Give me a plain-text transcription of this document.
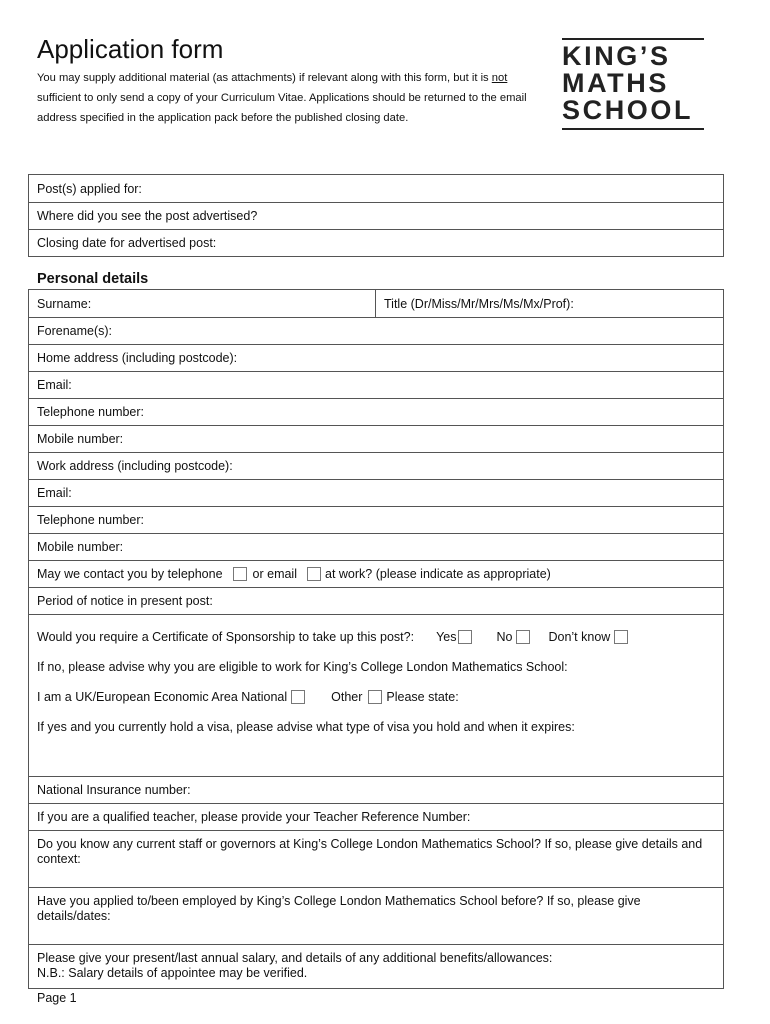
Application form

You may supply additional material (as attachments) if relevant along with this form, but it is not sufficient to only send a copy of your Curriculum Vitae. Applications should be returned to the email address specified in the application pack before the published closing date.

KING’S
MATHS
SCHOOL
Post(s) applied for:
Where did you see the post advertised?
Closing date for advertised post:
Personal details
Surname:	Title (Dr/Miss/Mr/Mrs/Ms/Mx/Prof):
Forename(s):
Home address (including postcode):
Email:
Telephone number:
Mobile number:
Work address (including postcode):
Email:
Telephone number:
Mobile number:
May we contact you by telephone or email at work? (please indicate as appropriate)
Period of notice in present post:
Would you require a Certificate of Sponsorship to take up this post?: Yes	No	Don’t know
If no, please advise why you are eligible to work for King’s College London Mathematics School:
I am a UK/European Economic Area National	Other Please state:
If yes and you currently hold a visa, please advise what type of visa you hold and when it expires:
National Insurance number:
If you are a qualified teacher, please provide your Teacher Reference Number:
Do you know any current staff or governors at King’s College London Mathematics School? If so, please give details and context:
Have you applied to/been employed by King’s College London Mathematics School before? If so, please give details/dates:
Please give your present/last annual salary, and details of any additional benefits/allowances:
N.B.: Salary details of appointee may be verified.
Page 1
